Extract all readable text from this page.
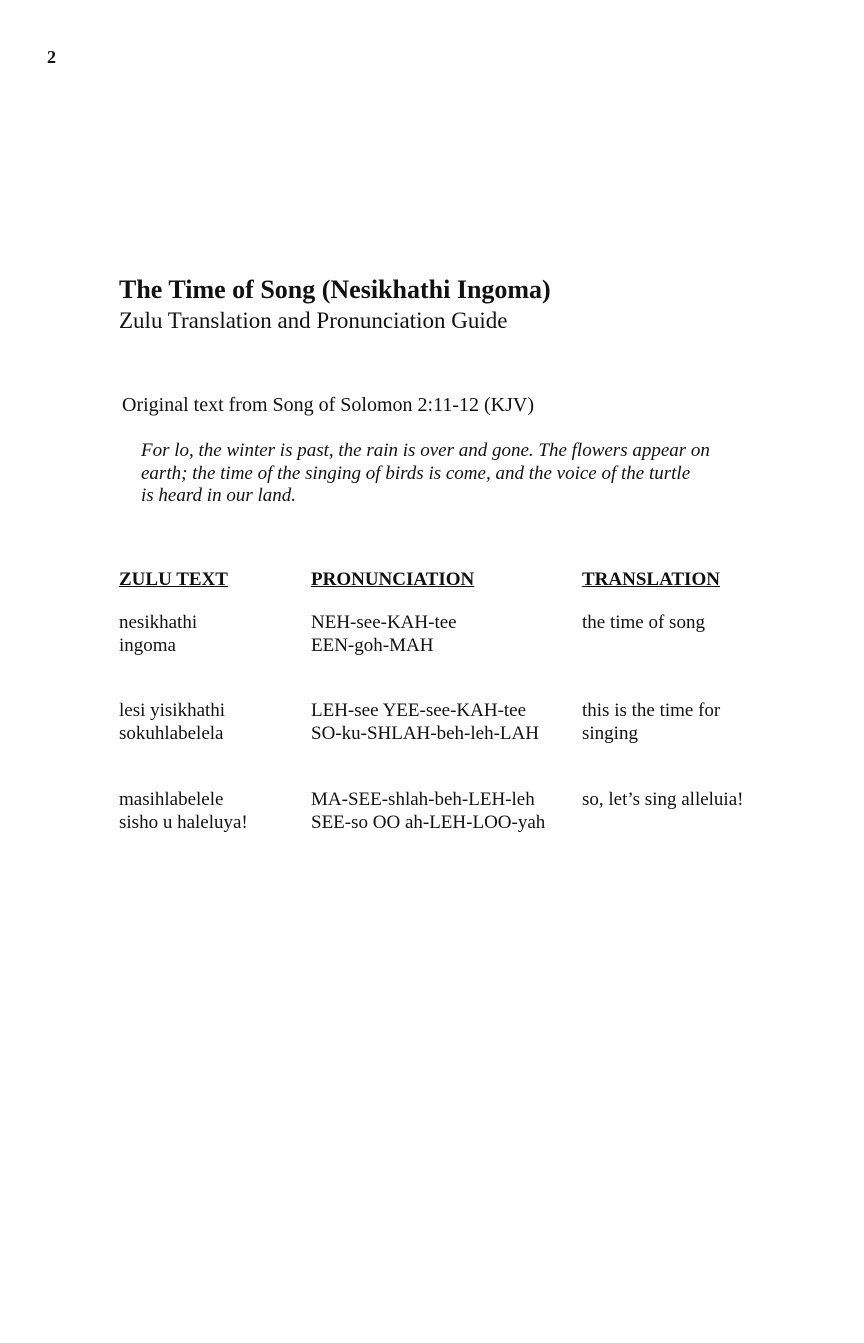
2
The Time of Song (Nesikhathi Ingoma)
Zulu Translation and Pronunciation Guide
Original text from Song of Solomon 2:11-12 (KJV)
For lo, the winter is past, the rain is over and gone. The flowers appear on
earth; the time of the singing of birds is come, and the voice of the turtle
is heard in our land.
ZULU TEXT	PRONUNCIATION	TRANSLATION
nesikhathi
ingoma
NEH-see-KAH-tee
EEN-goh-MAH
the time of song
lesi yisikhathi
sokuhlabelela
LEH-see YEE-see-KAH-tee
SO-ku-SHLAH-beh-leh-LAH
this is the time for
singing
masihlabelele
sisho u haleluya!
MA-SEE-shlah-beh-LEH-leh
SEE-so OO ah-LEH-LOO-yah
so, let’s sing alleluia!
